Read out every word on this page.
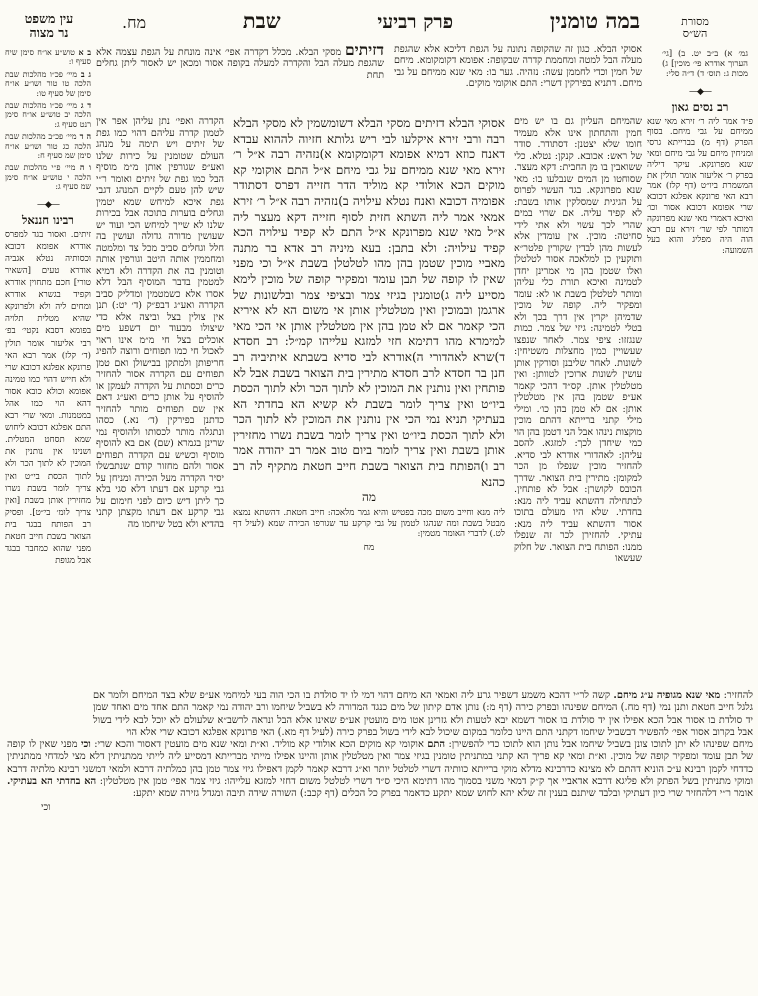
עין משפט
נר מצוה
מסורת
הש״ס
במה טומנין
פרק רביעי
שבת
מח.
גמ׳ א) ב״ב יט. ב) [גי׳ הערוך אודרא פי׳ מוכין] ג) מכות ג: תוס׳ ד) ד״ה סלי:
—◆—
רב נסים גאון
פ״ד אמר ליה ר׳ זירא מאי שנא ממיחם על גבי מיחם. בסוף הפרק (דף מ) בברייתא גרסי ומניחין מיחם על גבי מיחם ומאי שנא מפרונקא. עיקר דיליה בפרק ר׳ אליעזר אומר תולין את המשמרת ביו״ט (דף קלז) אמר רבא האי פרונקא אפלגא דכובא שרי אפומא דכובא אסור וכו׳ ואיכא דאמרי מאי שנא מפרונקה דמותר לפי שר׳ זירא עם רבא הוה היה מפליג והוא בעל השמועה:
ב א טוש״ע או״ח סימן שיח סעיף ו:
ג ב מיי׳ פכ״ו מהלכות שבת הלכה טו טור ושו״ע או״ח סימן של סעיף טו:
ד ג מיי׳ פכ״ו מהלכות שבת הלכה יב טוש״ע או״ח סימן רנט סעיף ג:
ה ד מיי׳ פכ״ב מהלכות שבת הלכה כג טור ושו״ע או״ח סימן שמ סעיף ח:
ו ה מיי׳ פ״י מהלכות שבת הלכה י טוש״ע או״ח סימן שמ סעיף ג:
—◆—
רבינו חננאל
זיתים. ואסור בגד למפרס אודרא אפומא דכובא וכסותיה נטלא אגביה אודרא טעים [השאיר טורי] חכם מתחוין אודרא וקפיד בגשרא אודרא ומחים ליה ולא ולפרונקא שהיא מטלית תלויה בפומא דסבא נקטי׳ בפ׳ רבי אליעזר אומר תולין (ד׳ קלז) אמר רבא האי פרונקא אפלגא דכובא שרי ולא חייש דהוי כמו טמינה אפומא וכולא כובא אסור דהא הוי כמו אהל במטמנות. ומאי שרי רבא התם אפלגא דכובא ליחוש שמא תסחט המטלית. ושנינו אין נותנין את המוכין לא לתוך הכר ולא לתוך הכסת בי״ט ואין צריך לומר בשבת נשרו מחזירין אותן בשבת [ואין צריך לומ׳ בי״ט]. ופסיק רב הפותח בבגד בית הצואר בשבת חייב חטאת מפני שהוא כמחבר בבגד אבל מגופת
אסוקי הבלא. כגון זה שהקופה נתונה על הגפת דליכא אלא שהגפת מעלה הבל למטה ומחממת קדרה שבקופה: אפומא דקומקומא. מיחם של חמין וכדי לחממן עשה: נזהיה. גער בו: מאי שנא ממיחם על גבי מיחם. דתניא בפירקין דשרי: התם אוקומי מוקים.
דזיתים מסקי הבלא. מכלל דקדרה אפי׳ אינה מונחת על הגפת עצמה אלא שהגפת מעלה הבל והקדרה למעלה בקופה אסור ומכאן יש לאסור ליתן גחלים תחת
שהמיחם העליון גם בו יש מים חמין והתחתון אינו אלא מעמיד חומו שלא יצטנן: דסתודר. סודר של ראש: אכובא. קנקן: נטלא. כלי ששואבין בו מן החבית: דקא מעצר. שסוחטו מן המים שנבלעו בו: מאי שנא מפרונקא. בגד העשוי לפרוס על הגיגית שמסלקין אותו בשבת: לא קפיד עליה. אם שרוי במים שהרי לכך עשוי ולא אתי לידי סחיטה: מוכין. אין עומדין אלא לעשות מהן לבדין שקורין פלטר״א ותוקעין כן למלאכה אסור לטלטלן ואלו שטמן בהן מי אמרינן יחדן לטמינה ואיכא תורת כלי עליהן ומותר לטלטלן בשבת או לא: עומד ומפקיר ליה. קופה של מוכין שדמיהן יקרין אין דרך בכך ולא בטלי לטמינה: גיזי של צמר. כמות שנגזזו: ציפי צמר. לאחר שנפצו שעשויין כמין מחצלות משטיחין: לשונות. לאחר שליבנן וסורקין אותן עושין לשונות ארוכין לטוותן: ואין מטלטלין אותן. קס״ד דהכי קאמר אע״פ שטמן בהן אין מטלטלין אותן: אם לא טמן בהן כו׳. ומילי מילי קתני ברייתא דהתם מוכין מוקצות נינהו אבל הני דטמן בהן הוי כמי שיחדן לכך: למזגא. להסב עליהן: לאהדורי אודרא לבי סדיא. להחזיר מוכין שנפלו מן הכר למקומן: מתירין בית הצואר. שדרך הכובס לקושרן: אבל לא פותחין. לכתחילה דהשתא עביד ליה מנא: בחדתי. שלא היו מעולם בתוכו אסור דהשתא עביד ליה מנא: עתיקי. להחזירן לכר זה שנפלו ממנו: הפותח בית הצואר. של חלוק שעשאו
אסוקי הבלא דזיתים מסקי הבלא דשומשמין לא מסקי הבלא רבה ורבי זירא איקלעו לבי ריש גלותא חזיוה לההוא עבדא דאנח כוזא דמיא אפומא דקומקומא א)נזהיה רבה א״ל ר׳ זירא מאי שנא ממיחם על גבי מיחם א״ל התם אוקומי קא מוקים הכא אולודי קא מוליד הדר חזייה דפרס דסתודר אפומיה דכובא ואנח נטלא עילויה ב)נזהיה רבה א״ל ר׳ זירא אמאי אמר ליה השתא חזית לסוף חזייה דקא מעצר ליה א״ל מאי שנא מפרונקא א״ל התם לא קפיד עילויה הכא קפיד עילויה: ולא בתבן: בעא מיניה רב אדא בר מתנה מאביי מוכין שטמן בהן מהו לטלטלן בשבת א״ל וכי מפני שאין לו קופה של תבן עומד ומפקיר קופה של מוכין לימא מסייע ליה ג)טומנין בגיזי צמר ובציפי צמר ובלשונות של ארגמן ובמוכין ואין מטלטלין אותן אי משום הא לא איריא הכי קאמר אם לא טמן בהן אין מטלטלין אותן אי הכי מאי למימרא מהו דתימא חזי למזגא עלייהו קמ״ל: רב חסדא ד)שרא לאהדורי ה)אודרא לבי סדיא בשבתא איתיביה רב חנן בר חסדא לרב חסדא מתירין בית הצואר בשבת אבל לא פותחין ואין נותנין את המוכין לא לתוך הכר ולא לתוך הכסת ביו״ט ואין צריך לומר בשבת לא קשיא הא בחדתי הא בעתיקי תניא נמי הכי אין נותנין את המוכין לא לתוך הכר ולא לתוך הכסת ביו״ט ואין צריך לומר בשבת נשרו מחזירין אותן בשבת ואין צריך לומר ביום טוב אמר רב יהודה אמר רב ו)הפותח בית הצואר בשבת חייב חטאת מתקיף לה רב כהנא
מה
ליה מנא וחייב משום מכה בפטיש והיא גמר מלאכה: חייב חטאת. דהשתא נמצא מבטל בשבת ומה שנהגו לטמון על גבי קרקע עד שגורפו הכירה שמא (לעיל דף לט.) לדברי האומר מטמין:
מח
הקדרה ואפי׳ נתן עליהן אפר אין לטמון קדרה עליהם דהוי כמו גפת של זיתים ויש תימה על מנהג העולם שטומנין על כירות שלנו ואע״פ שגורפין אותן מ״מ מוסיף הבל כמו גפת של זיתים ואומר ר״י שיש להן טעם לקיים המנהג דגבי גפת איכא למיחש שמא יטמין וגחלים בוערות בתוכה אבל בכירות שלנו לא שייך למיחש הכי ועוד יש שעושין מדורה גדולה ועושין בה חלל וגחלים סביב מכל צד ומלמטה ומחממין אותה היטב וגורפין אותה וטומנין בה את הקדרה ולא דמיא למטמין בדבר המוסיף הבל דלא אסרו אלא כשמטמין ומדליק סביב הקדרה ואע״ג דבפ״ק (ד׳ יט:) תנן אין צולין בצל וביצה אלא כדי שיצולו מבעוד יום דשפע מים אוכלים בצל חי מ״מ אינו ראוי לאכול חי כמו תפוחים ורוצה להפיג חריפותן ולמתקן בבישולן ואם טמן תפוחים עם הקדרה אסור להחזיר כרים וכסתות על הקדרה לעמקן או להוסיף על אותן כרים ואע״ג דאם אין שם תפוחים מותר להחזיר כדתנן בפירקין (ד׳ נא.) כסהו ונתגלה מותר לכסותו ולהוסיף נמי שרינן בגמרא (שם) אם בא להוסיף מוסיף וכשיש עם הקדרה תפוחים אסור ולהם מחזור קודם שנתבשלו יסיר הקדרה מעל הכירה ומניחן על גבי קרקע אם דעתו דלא סגי בלא כך ליתן דיש כיום לפני חימום על גבי קרקע אם דעתו מקצתן קתני בהדיא ולא בטל שיחמו מה
להחזיר: מאי שנא מגופיה ע״ג מיחם. קשה לר״י דהכא משמע דשפיר גרע ליה ואמאי הא מיחם דהוי דמי לו יד סולדת בו הכי הוה בעי למיחמי אע״פ שלא בצד המיחם ולומר אם גלגל חייב חטאת ותנן נמי (דף מח.) המיחם שפינהו ובפרק כירה (דף מ:) נותן אדם קיתון של מים כנגד המדורה לא בשביל שיחמו ורב יהודה נמי קאמר התם אחד מים ואחד שמן יד סולדת בו אסור אבל הכא אפילו אין יד סולדת בו אסור דשמא יבא לטעות ולא גזרינן אטו מים מועטין אע״פ שאינו אלא הבל ונראה לרשב״א שלעולם לא יוכל לבא לידי בשול אבל בקרוב אסור אפי׳ להפשיר דבשביל שיחמו דקתני התם היינו כלומר במקום שיכול לבא לידי בשול בפרק כירה (לעיל דף מא.) האי פרונקא אפלגא דכובא שרי אלא הוי
מיחם שפינהו לא יתן לתוכו צונן בשביל שיחמו אבל נותן הוא לתוכו כדי להפשירן: התם אוקומי קא מוקים הכא אולודי קא מוליד. וא״ת ומאי שנא מים מועטין דאסור והכא שרי: וכי מפני שאין לו קופה של תבן עומד ומפקיר קופה של מוכין. וא״ת ומאי קא פריך הא קתני במתניתין טומנין בגיזי צמר ואין מטלטלין אותן והיינו אפילו מייתי מברייתא דמסייע ליה לייתי ממתניתין דלא מצי למדחי ממתניתין כדדחי לקמן רבינא ע״כ הוניא דהתם לא מצינא כדרבינא מדלא מוקי ברייתא כוותיה דשרי לטלטל יותר וא״ג דרבא קאמר לקמן דאפילו גיזי צמר טמן בהן כמלתיה דרבא ולמאי דמשני רבינא מלתיה דרבא ומוקי מתניתין בשל הפתק ולא פליגא דרבא אדאביי אך ק״ק דמאי משני בסמוך מהו דתימא היכי ס״ד דשרי לטלטל משום דחזי למזגא עלייהו: גיזי צמר אפי׳ טמן אין מטלטלין: הא בחדתי הא בעתיקי. אומר ר״י דלהחזיר שרי כיון דעתיקי ובלבד שיתנם בענין זה שלא יהא לחוש שמא יתקע כדאמר בפרק כל הכלים (דף קכב:) השורה שידה תיבה ומגדל גזירה שמא יתקע:
וכי
